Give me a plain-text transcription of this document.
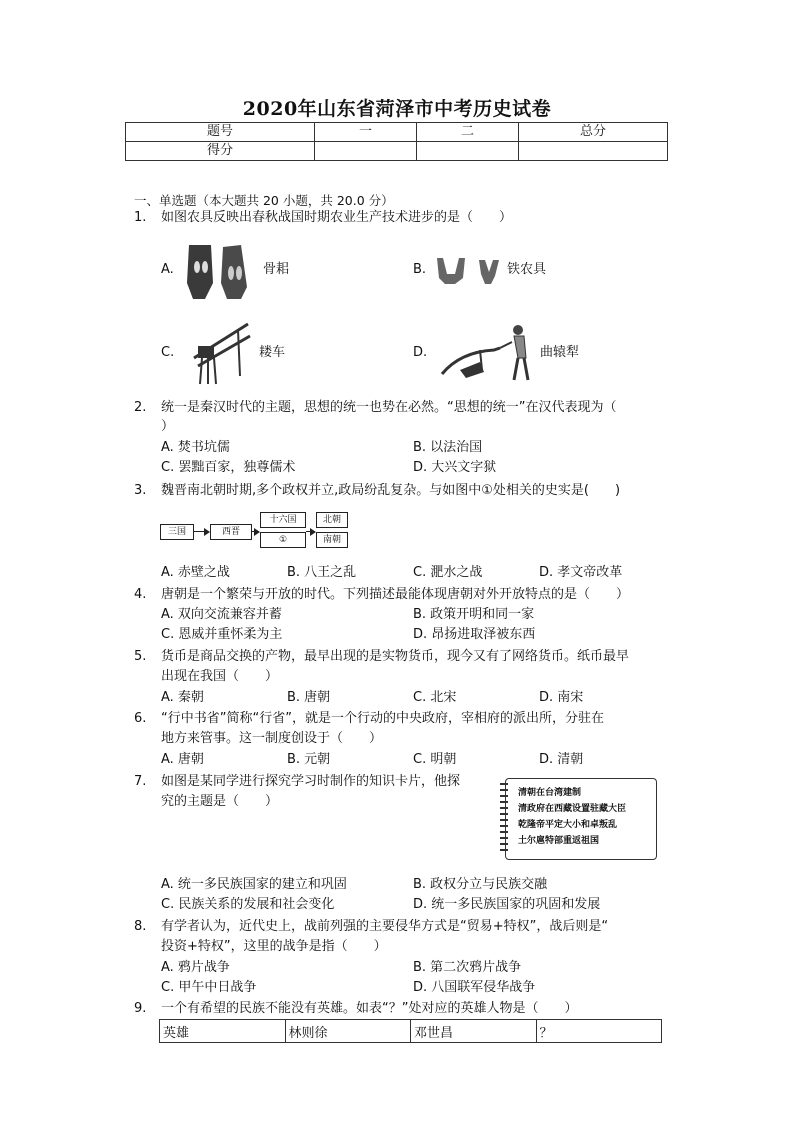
2020年山东省菏泽市中考历史试卷
题号	一	二	总分
得分			
一、单选题（本大题共 20 小题，共 20.0 分）
1. 如图农具反映出春秋战国时期农业生产技术进步的是（　　）
A.	骨耜	B.	铁农具
C.	耧车	D.	曲辕犁
2. 统一是秦汉时代的主题，思想的统一也势在必然。“思想的统一”在汉代表现为（
）
A. 焚书坑儒	B. 以法治国
C. 罢黜百家，独尊儒术	D. 大兴文字狱
3. 魏晋南北朝时期,多个政权并立,政局纷乱复杂。与如图中①处相关的史实是(　　)
三国	西晋
十六国
①
北朝
南朝
A. 赤壁之战	B. 八王之乱	C. 淝水之战	D. 孝文帝改革
4. 唐朝是一个繁荣与开放的时代。下列描述最能体现唐朝对外开放特点的是（　　）
A. 双向交流兼容并蓄	B. 政策开明和同一家
C. 恩威并重怀柔为主	D. 昂扬进取泽被东西
5. 货币是商品交换的产物，最早出现的是实物货币，现今又有了网络货币。纸币最早
出现在我国（　　）
A. 秦朝	B. 唐朝	C. 北宋	D. 南宋
6. “行中书省”简称“行省”，就是一个行动的中央政府，宰相府的派出所，分驻在
地方来管事。这一制度创设于（　　）
A. 唐朝	B. 元朝	C. 明朝	D. 清朝
7. 如图是某同学进行探究学习时制作的知识卡片，他探
究的主题是（　　）
清朝在台湾建制
清政府在西藏设置驻藏大臣
乾隆帝平定大小和卓叛乱
土尔扈特部重返祖国
A. 统一多民族国家的建立和巩固	B. 政权分立与民族交融
C. 民族关系的发展和社会变化	D. 统一多民族国家的巩固和发展
8. 有学者认为，近代史上，战前列强的主要侵华方式是“贸易+特权”，战后则是“
投资+特权”，这里的战争是指（　　）
A. 鸦片战争	B. 第二次鸦片战争
C. 甲午中日战争	D. 八国联军侵华战争
9. 一个有希望的民族不能没有英雄。如表“？”处对应的英雄人物是（　　）
英雄	林则徐	邓世昌	？
